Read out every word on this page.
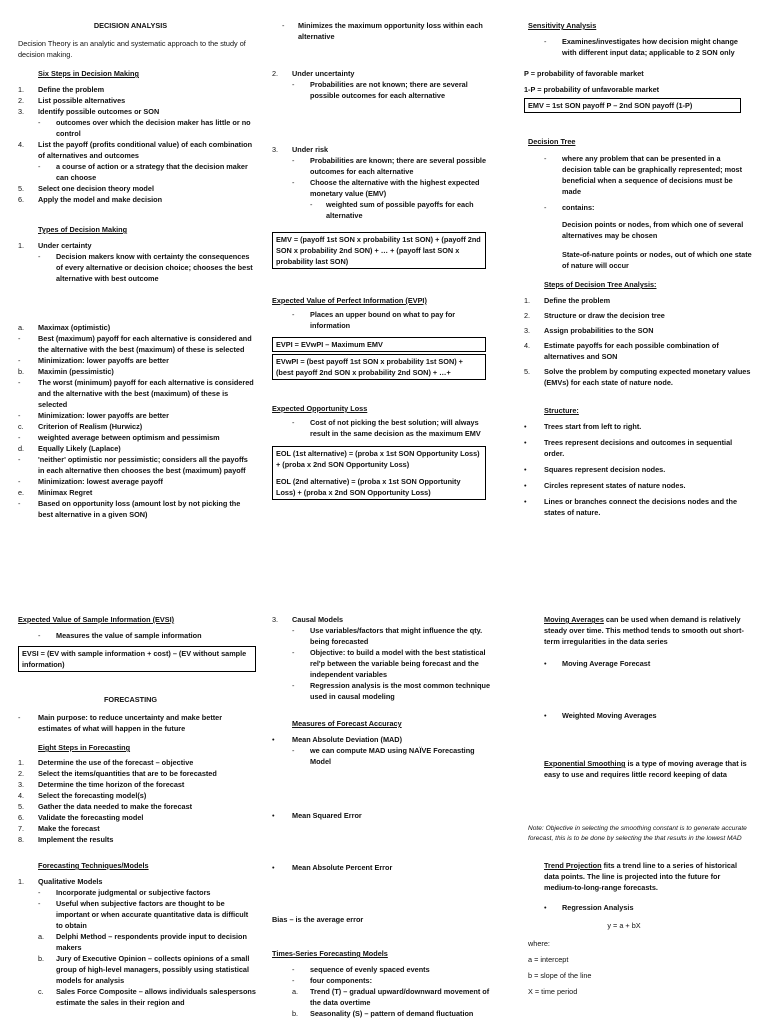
DECISION ANALYSIS
Decision Theory is an analytic and systematic approach to the study of decision making.
Six Steps in Decision Making
1. Define the problem
2. List possible alternatives
3. Identify possible outcomes or SON
- outcomes over which the decision maker has little or no control
4. List the payoff (profits conditional value) of each combination of alternatives and outcomes
- a course of action or a strategy that the decision maker can choose
5. Select one decision theory model
6. Apply the model and make decision
Types of Decision Making
1. Under certainty
- Decision makers know with certainty the consequences of every alternative or decision choice; chooses the best alternative with best outcome
a. Maximax (optimistic)
- Best (maximum) payoff for each alternative is considered and the alternative with the best (maximum) of these is selected
- Minimization: lower payoffs are better
b. Maximin (pessimistic)
- The worst (minimum) payoff for each alternative is considered and the alternative with the best (maximum) of these is selected
- Minimization: lower payoffs are better
c. Criterion of Realism (Hurwicz)
- weighted average between optimism and pessimism
d. Equally Likely (Laplace)
- 'neither' optimistic nor pessimistic; considers all the payoffs in each alternative then chooses the best (maximum) payoff
- Minimization: lowest average payoff
e. Minimax Regret
- Based on opportunity loss (amount lost by not picking the best alternative in a given SON)
- Minimizes the maximum opportunity loss within each alternative
2. Under uncertainty
- Probabilities are not known; there are several possible outcomes for each alternative
3. Under risk
- Probabilities are known; there are several possible outcomes for each alternative
- Choose the alternative with the highest expected monetary value (EMV)
- weighted sum of possible payoffs for each alternative
EMV = (payoff 1st SON x probability 1st SON) + (payoff 2nd SON x probability 2nd SON) + … + (payoff last SON x probability last SON)
Expected Value of Perfect Information (EVPI)
- Places an upper bound on what to pay for information
EVPI = EVwPI – Maximum EMV
EVwPI = (best payoff 1st SON x probability 1st SON) + (best payoff 2nd SON x probability 2nd SON) + …+
Expected Opportunity Loss
- Cost of not picking the best solution; will always result in the same decision as the maximum EMV
EOL (1st alternative) = (proba x 1st SON Opportunity Loss) + (proba x 2nd SON Opportunity Loss)
EOL (2nd alternative) = (proba x 1st SON Opportunity Loss) + (proba x 2nd SON Opportunity Loss)
Sensitivity Analysis
- Examines/investigates how decision might change with different input data; applicable to 2 SON only
P = probability of favorable market
1-P = probability of unfavorable market
EMV = 1st SON payoff P – 2nd SON payoff (1-P)
Decision Tree
- where any problem that can be presented in a decision table can be graphically represented; most beneficial when a sequence of decisions must be made
- contains:
Decision points or nodes, from which one of several alternatives may be chosen
State-of-nature points or nodes, out of which one state of nature will occur
Steps of Decision Tree Analysis:
1. Define the problem
2. Structure or draw the decision tree
3. Assign probabilities to the SON
4. Estimate payoffs for each possible combination of alternatives and SON
5. Solve the problem by computing expected monetary values (EMVs) for each state of nature node.
Structure:
• Trees start from left to right.
• Trees represent decisions and outcomes in sequential order.
• Squares represent decision nodes.
• Circles represent states of nature nodes.
• Lines or branches connect the decisions nodes and the states of nature.
Expected Value of Sample Information (EVSI)
- Measures the value of sample information
EVSI = (EV with sample information + cost) – (EV without sample information)
FORECASTING
- Main purpose: to reduce uncertainty and make better estimates of what will happen in the future
Eight Steps in Forecasting
1. Determine the use of the forecast – objective
2. Select the items/quantities that are to be forecasted
3. Determine the time horizon of the forecast
4. Select the forecasting model(s)
5. Gather the data needed to make the forecast
6. Validate the forecasting model
7. Make the forecast
8. Implement the results
Forecasting Techniques/Models
1. Qualitative Models
- Incorporate judgmental or subjective factors
- Useful when subjective factors are thought to be important or when accurate quantitative data is difficult to obtain
a. Delphi Method – respondents provide input to decision makers
b. Jury of Executive Opinion – collects opinions of a small group of high-level managers, possibly using statistical models for analysis
c. Sales Force Composite – allows individuals salespersons estimate the sales in their region and
3. Causal Models
- Use variables/factors that might influence the qty. being forecasted
- Objective: to build a model with the best statistical rel'p between the variable being forecast and the independent variables
- Regression analysis is the most common technique used in causal modeling
Measures of Forecast Accuracy
• Mean Absolute Deviation (MAD)
- we can compute MAD using NAÏVE Forecasting Model
• Mean Squared Error
• Mean Absolute Percent Error
Bias – is the average error
Times-Series Forecasting Models
- sequence of evenly spaced events
- four components:
a. Trend (T) – gradual upward/downward movement of the data overtime
b. Seasonality (S) – pattern of demand fluctuation
Moving Averages can be used when demand is relatively steady over time. This method tends to smooth out short-term irregularities in the data series
• Moving Average Forecast
• Weighted Moving Averages
Exponential Smoothing is a type of moving average that is easy to use and requires little record keeping of data
Note: Objective in selecting the smoothing constant is to generate accurate forecast, this is to be done by selecting the that results in the lowest MAD
Trend Projection fits a trend line to a series of historical data points. The line is projected into the future for medium-to-long-range forecasts.
• Regression Analysis
y = a + bX
where:
a = intercept
b = slope of the line
X = time period
